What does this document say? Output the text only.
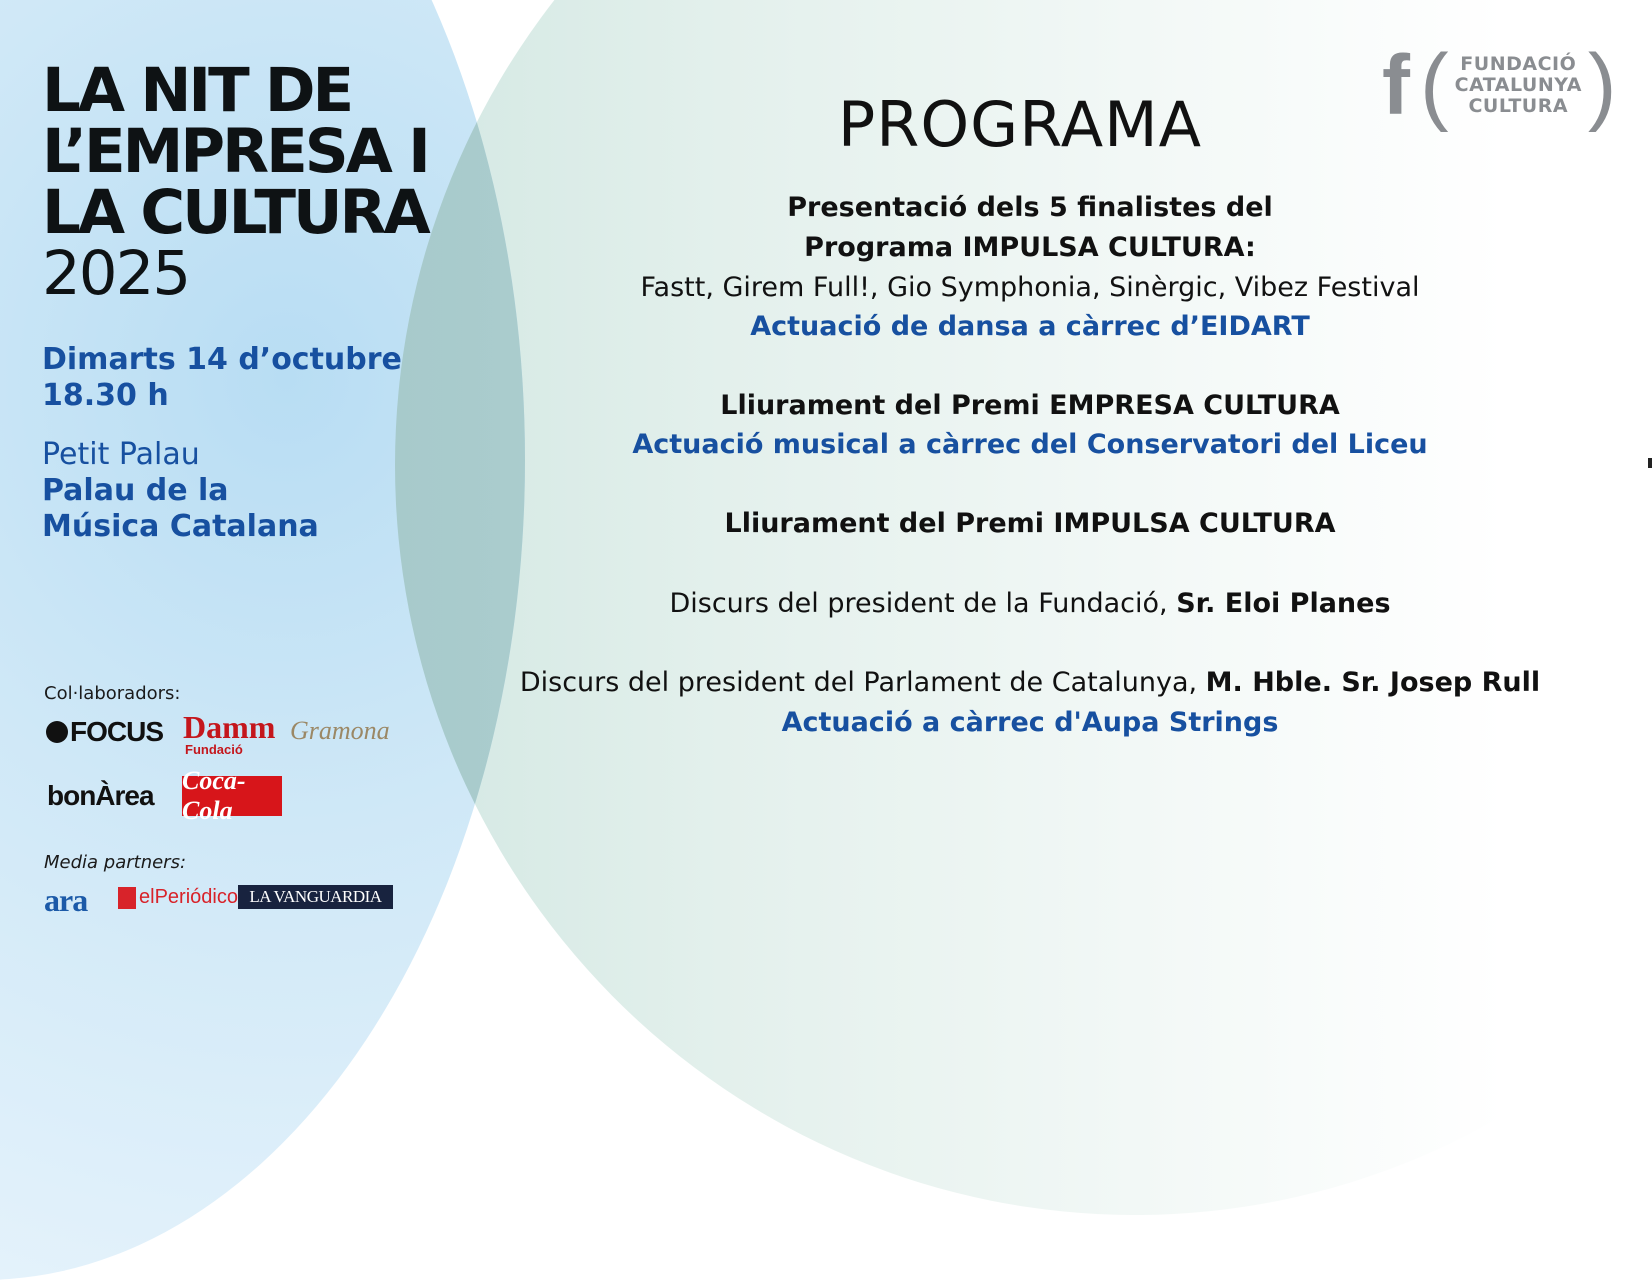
LA NIT DE
L’EMPRESA I
LA CULTURA
2025
Dimarts 14 d’octubre
18.30 h
Petit Palau
Palau de la
Música Catalana
Col·laboradors:
FOCUS Damm
Fundació
Gramona
bonÀrea Coca-Cola
Media partners:
ara	elPeriódico LA VANGUARDIA
f ( FUNDACIÓ
CATALUNYA
CULTURA )
PROGRAMA
Presentació dels 5 finalistes del
Programa IMPULSA CULTURA:
Fastt, Girem Full!, Gio Symphonia, Sinèrgic, Vibez Festival
Actuació de dansa a càrrec d’EIDART
Lliurament del Premi EMPRESA CULTURA
Actuació musical a càrrec del Conservatori del Liceu
Lliurament del Premi IMPULSA CULTURA
Discurs del president de la Fundació, Sr. Eloi Planes
Discurs del president del Parlament de Catalunya, M. Hble. Sr. Josep Rull
Actuació a càrrec d'Aupa Strings
